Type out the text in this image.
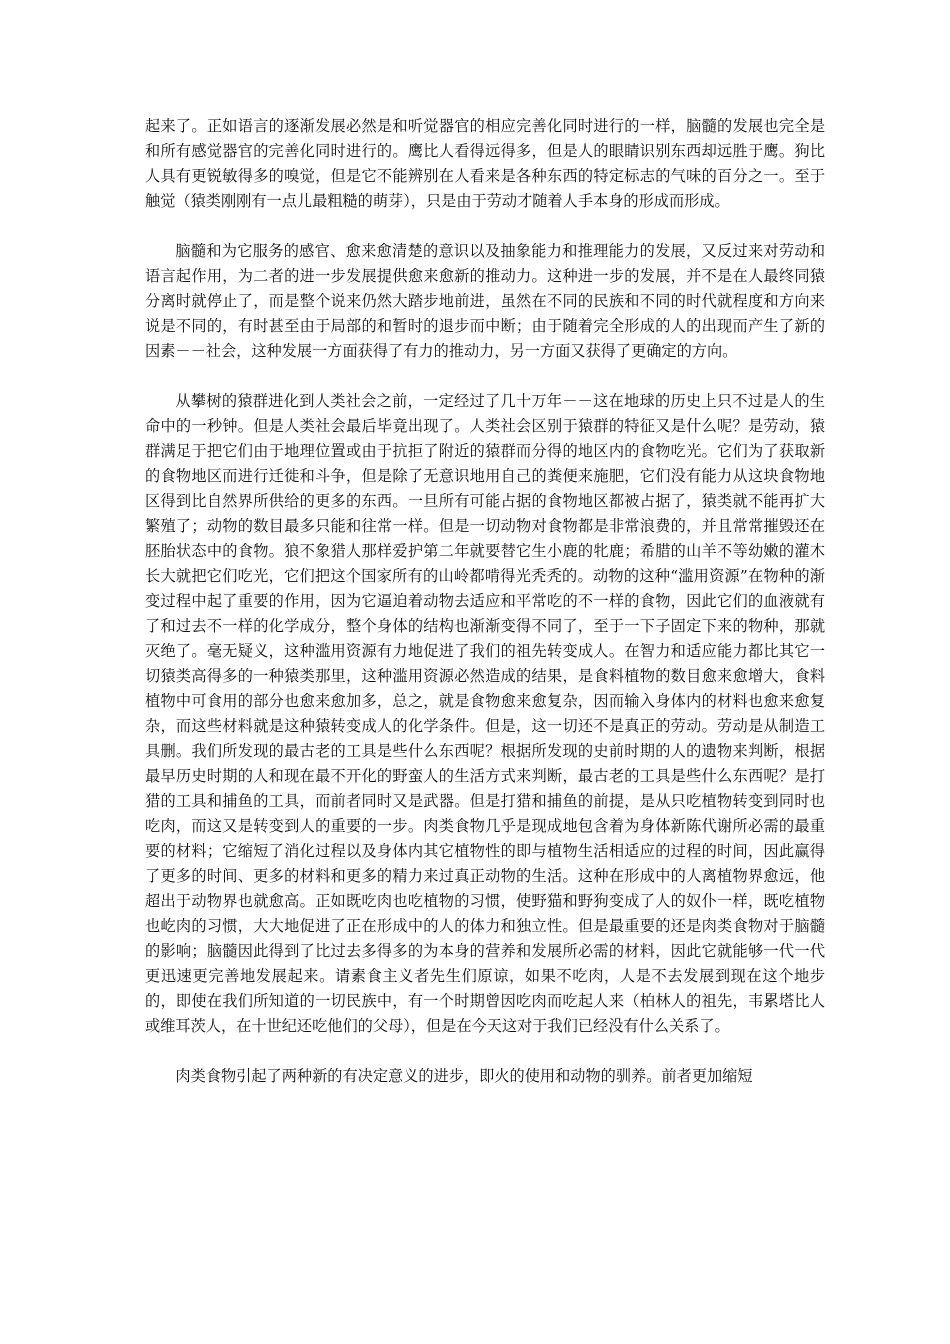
起来了。正如语言的逐渐发展必然是和听觉器官的相应完善化同时进行的一样，脑髓的发展也完全是和所有感觉器官的完善化同时进行的。鹰比人看得远得多，但是人的眼睛识别东西却远胜于鹰。狗比人具有更锐敏得多的嗅觉，但是它不能辨别在人看来是各种东西的特定标志的气味的百分之一。至于触觉（猿类刚刚有一点儿最粗糙的萌芽），只是由于劳动才随着人手本身的形成而形成。

脑髓和为它服务的感官、愈来愈清楚的意识以及抽象能力和推理能力的发展，又反过来对劳动和语言起作用，为二者的进一步发展提供愈来愈新的推动力。这种进一步的发展，并不是在人最终同猿分离时就停止了，而是整个说来仍然大踏步地前进，虽然在不同的民族和不同的时代就程度和方向来说是不同的，有时甚至由于局部的和暂时的退步而中断；由于随着完全形成的人的出现而产生了新的因素－－社会，这种发展一方面获得了有力的推动力，另一方面又获得了更确定的方向。

从攀树的猿群进化到人类社会之前，一定经过了几十万年－－这在地球的历史上只不过是人的生命中的一秒钟。但是人类社会最后毕竟出现了。人类社会区别于猿群的特征又是什么呢？是劳动，猿群满足于把它们由于地理位置或由于抗拒了附近的猿群而分得的地区内的食物吃光。它们为了获取新的食物地区而进行迁徙和斗争，但是除了无意识地用自己的粪便来施肥，它们没有能力从这块食物地区得到比自然界所供给的更多的东西。一旦所有可能占据的食物地区都被占据了，猿类就不能再扩大繁殖了；动物的数目最多只能和往常一样。但是一切动物对食物都是非常浪费的，并且常常摧毁还在胚胎状态中的食物。狼不象猎人那样爱护第二年就要替它生小鹿的牝鹿；希腊的山羊不等幼嫩的灌木长大就把它们吃光，它们把这个国家所有的山岭都啃得光秃秃的。动物的这种“滥用资源”在物种的渐变过程中起了重要的作用，因为它逼迫着动物去适应和平常吃的不一样的食物，因此它们的血液就有了和过去不一样的化学成分，整个身体的结构也渐渐变得不同了，至于一下子固定下来的物种，那就灭绝了。毫无疑义，这种滥用资源有力地促进了我们的祖先转变成人。在智力和适应能力都比其它一切猿类高得多的一种猿类那里，这种滥用资源必然造成的结果，是食料植物的数目愈来愈增大，食料植物中可食用的部分也愈来愈加多，总之，就是食物愈来愈复杂，因而输入身体内的材料也愈来愈复杂，而这些材料就是这种猿转变成人的化学条件。但是，这一切还不是真正的劳动。劳动是从制造工具删。我们所发现的最古老的工具是些什么东西呢？根据所发现的史前时期的人的遗物来判断，根据最早历史时期的人和现在最不开化的野蛮人的生活方式来判断，最古老的工具是些什么东西呢？是打猎的工具和捕鱼的工具，而前者同时又是武器。但是打猎和捕鱼的前提，是从只吃植物转变到同时也吃肉，而这又是转变到人的重要的一步。肉类食物几乎是现成地包含着为身体新陈代谢所必需的最重要的材料；它缩短了消化过程以及身体内其它植物性的即与植物生活相适应的过程的时间，因此赢得了更多的时间、更多的材料和更多的精力来过真正动物的生活。这种在形成中的人离植物界愈远，他超出于动物界也就愈高。正如既吃肉也吃植物的习惯，使野猫和野狗变成了人的奴仆一样，既吃植物也屹肉的习惯，大大地促进了正在形成中的人的体力和独立性。但是最重要的还是肉类食物对于脑髓的影响；脑髓因此得到了比过去多得多的为本身的营养和发展所必需的材料，因此它就能够一代一代更迅速更完善地发展起来。请素食主义者先生们原谅，如果不吃肉，人是不去发展到现在这个地步的，即使在我们所知道的一切民族中，有一个时期曾因吃肉而吃起人来（柏林人的祖先，韦累塔比人或维耳茨人，在十世纪还吃他们的父母），但是在今天这对于我们已经没有什么关系了。

肉类食物引起了两种新的有决定意义的进步，即火的使用和动物的驯养。前者更加缩短
